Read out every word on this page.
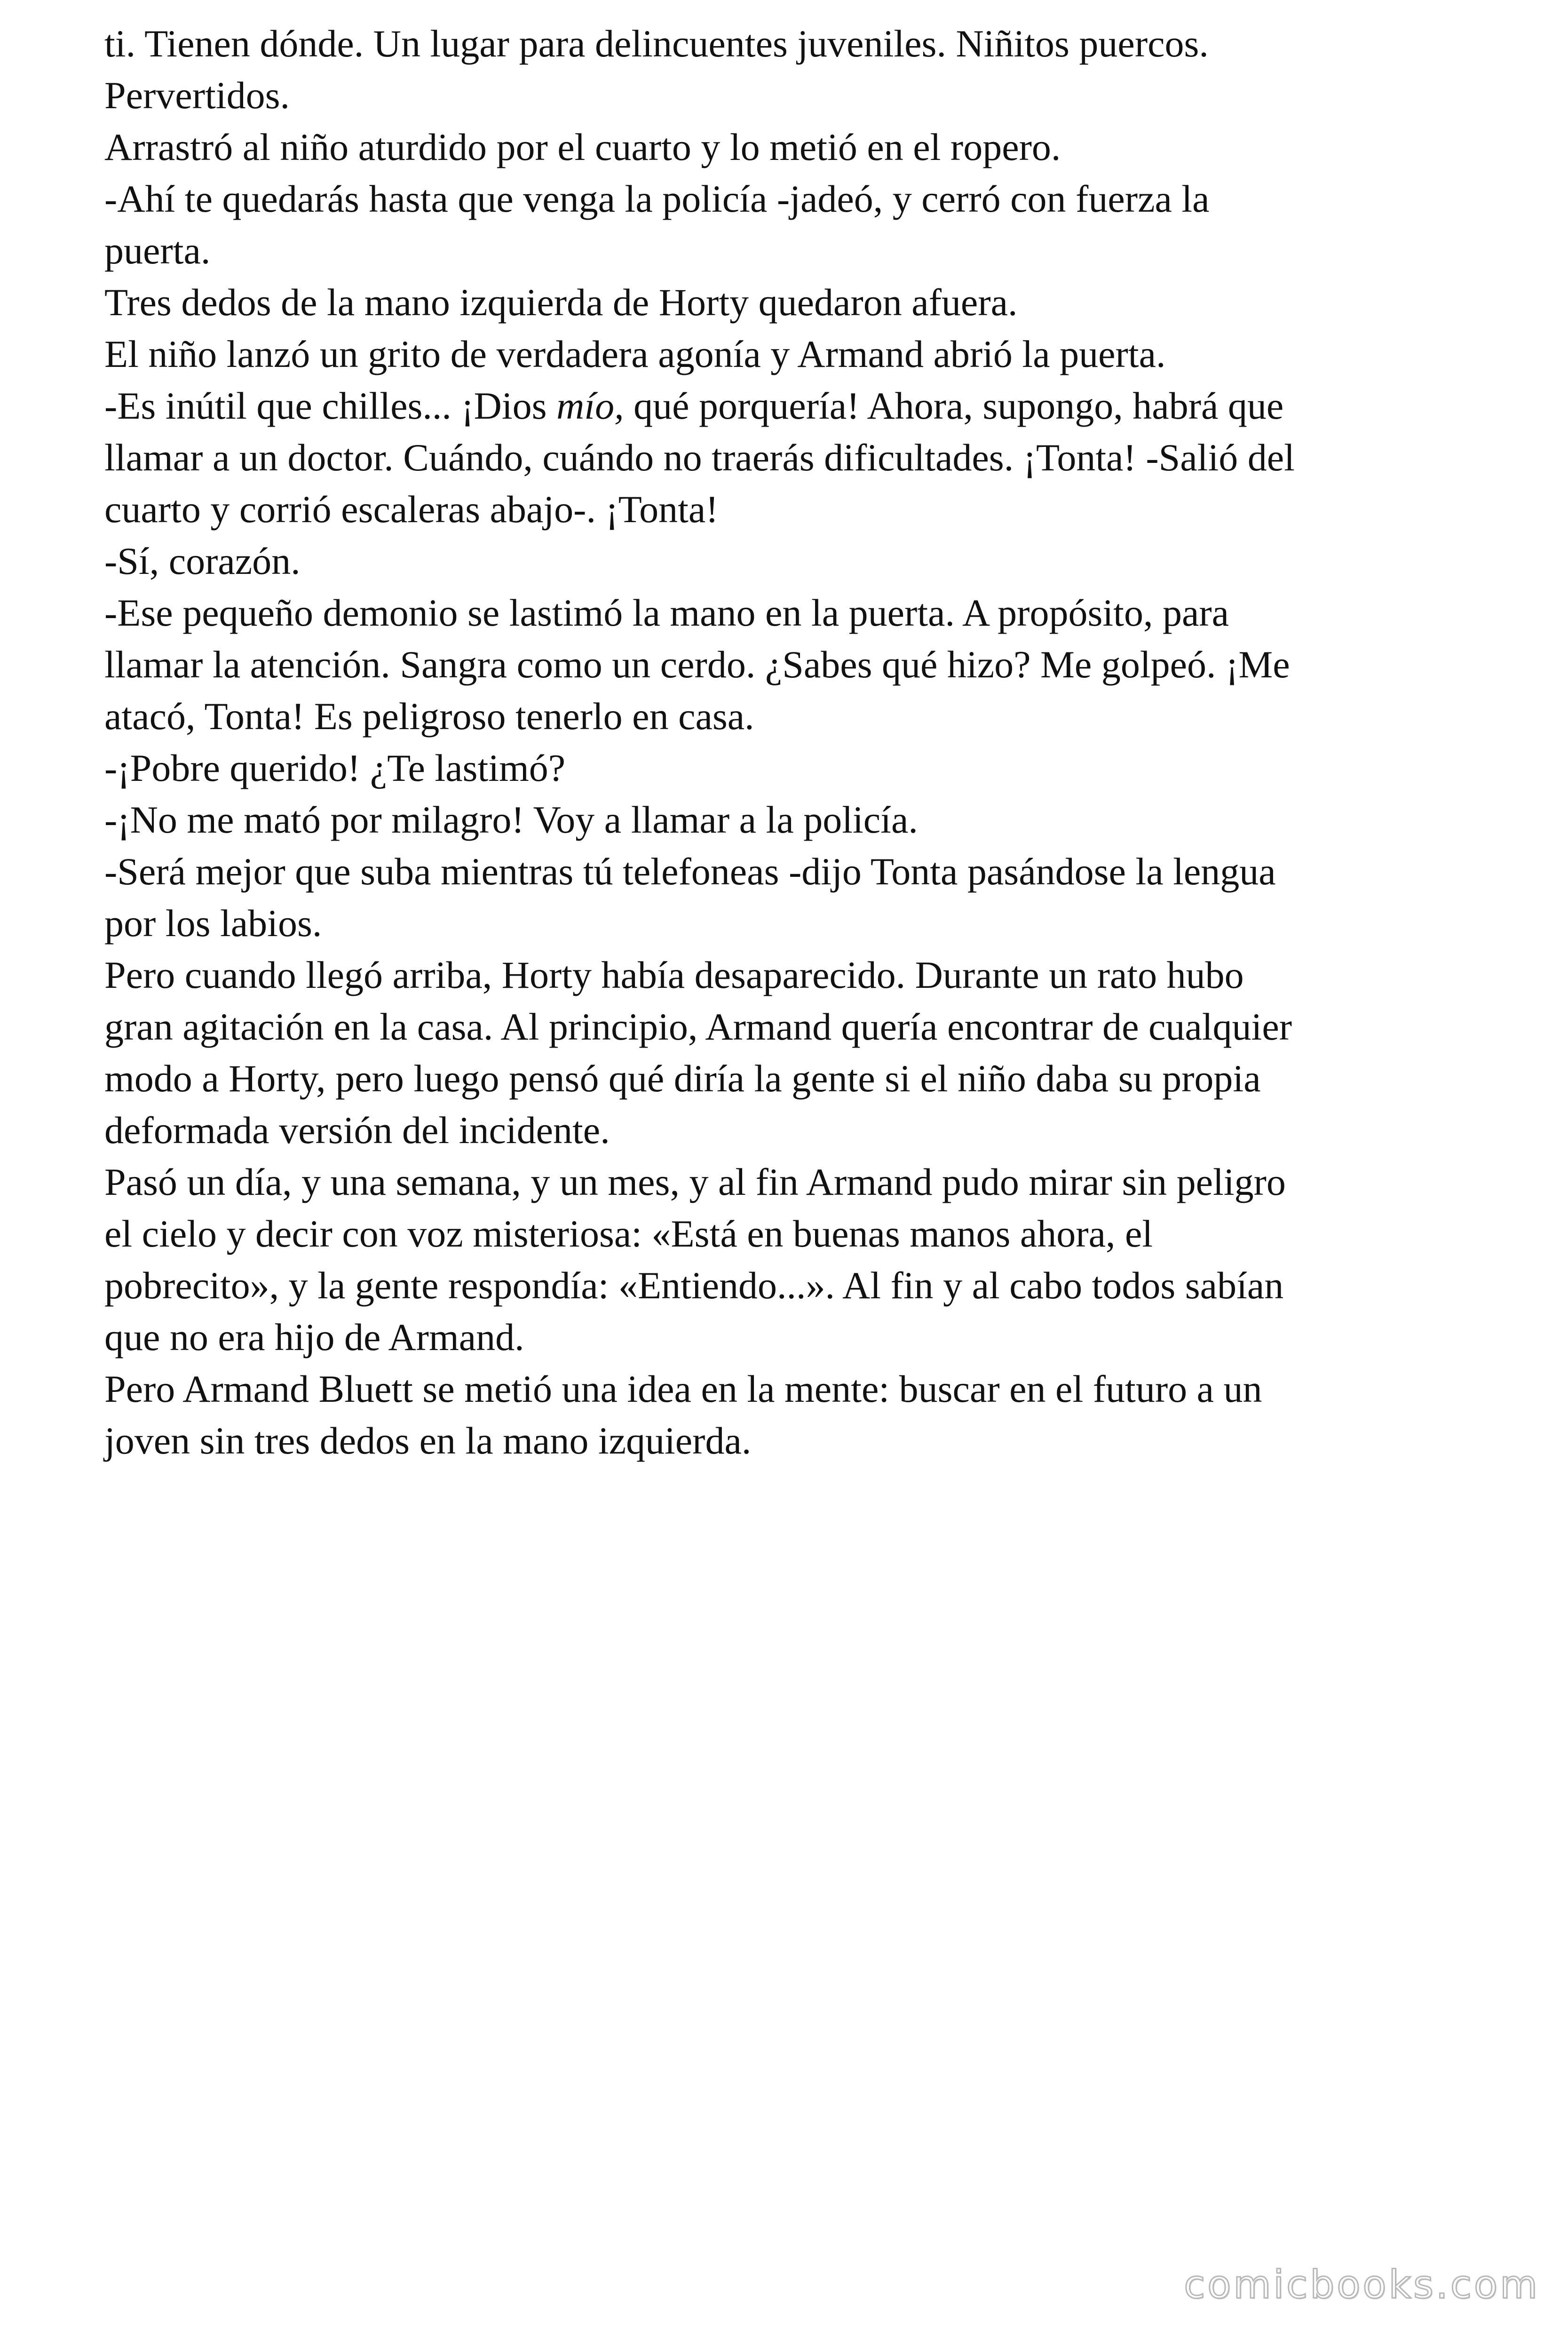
ti. Tienen dónde. Un lugar para delincuentes juveniles. Niñitos puercos.
Pervertidos.
Arrastró al niño aturdido por el cuarto y lo metió en el ropero.
-Ahí te quedarás hasta que venga la policía -jadeó, y cerró con fuerza la
puerta.
Tres dedos de la mano izquierda de Horty quedaron afuera.
El niño lanzó un grito de verdadera agonía y Armand abrió la puerta.
-Es inútil que chilles... ¡Dios mío, qué porquería! Ahora, supongo, habrá que
llamar a un doctor. Cuándo, cuándo no traerás dificultades. ¡Tonta! -Salió del
cuarto y corrió escaleras abajo-. ¡Tonta!
-Sí, corazón.
-Ese pequeño demonio se lastimó la mano en la puerta. A propósito, para
llamar la atención. Sangra como un cerdo. ¿Sabes qué hizo? Me golpeó. ¡Me
atacó, Tonta! Es peligroso tenerlo en casa.
-¡Pobre querido! ¿Te lastimó?
-¡No me mató por milagro! Voy a llamar a la policía.
-Será mejor que suba mientras tú telefoneas -dijo Tonta pasándose la lengua
por los labios.
Pero cuando llegó arriba, Horty había desaparecido. Durante un rato hubo
gran agitación en la casa. Al principio, Armand quería encontrar de cualquier
modo a Horty, pero luego pensó qué diría la gente si el niño daba su propia
deformada versión del incidente.
Pasó un día, y una semana, y un mes, y al fin Armand pudo mirar sin peligro
el cielo y decir con voz misteriosa: «Está en buenas manos ahora, el
pobrecito», y la gente respondía: «Entiendo...». Al fin y al cabo todos sabían
que no era hijo de Armand.
Pero Armand Bluett se metió una idea en la mente: buscar en el futuro a un
joven sin tres dedos en la mano izquierda.
comicbooks.com
